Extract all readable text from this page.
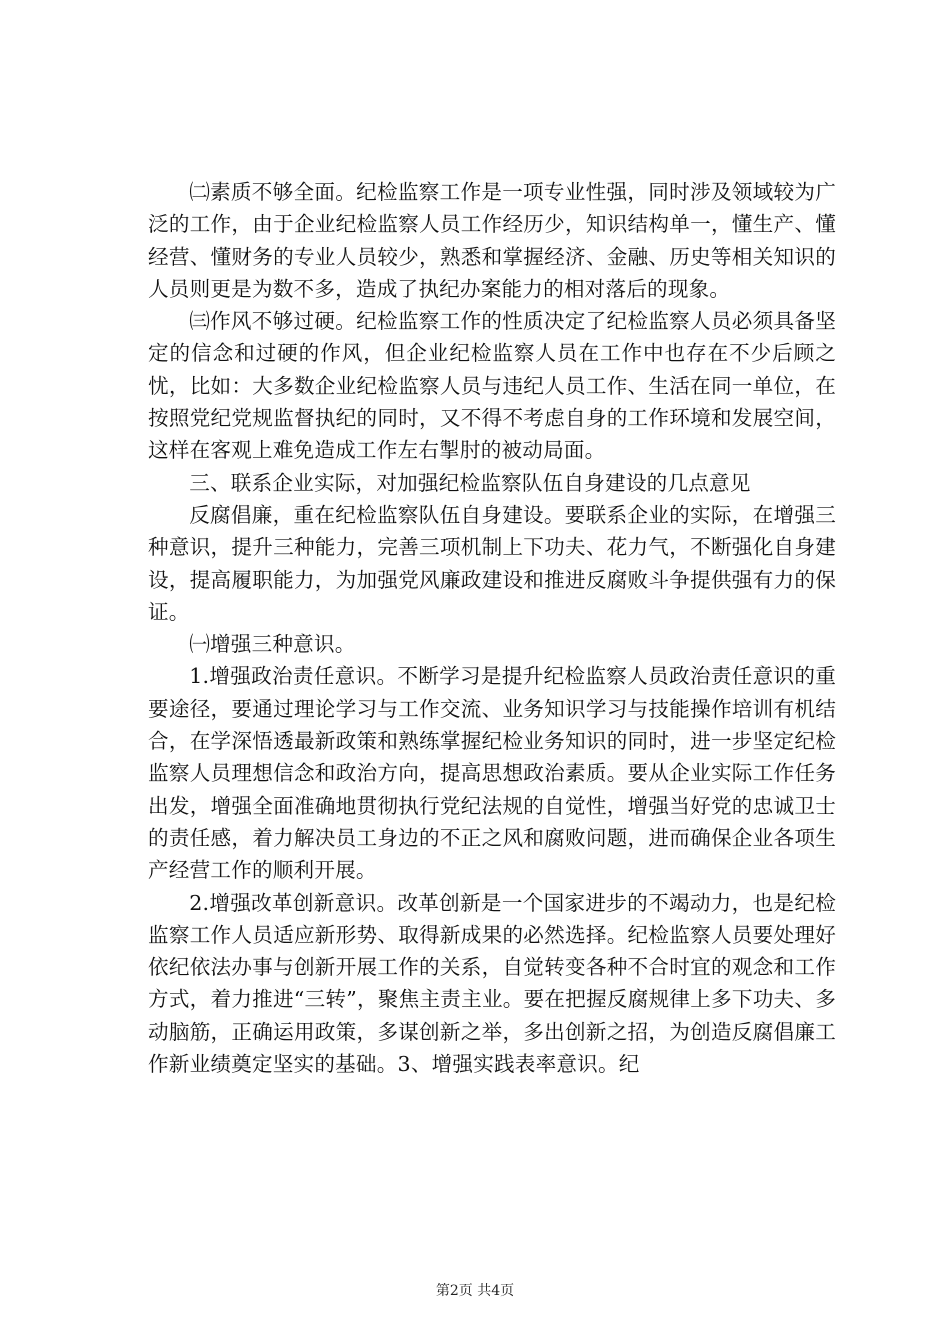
㈡素质不够全面。纪检监察工作是一项专业性强，同时涉及领域较为广泛的工作，由于企业纪检监察人员工作经历少，知识结构单一，懂生产、懂经营、懂财务的专业人员较少，熟悉和掌握经济、金融、历史等相关知识的人员则更是为数不多，造成了执纪办案能力的相对落后的现象。

㈢作风不够过硬。纪检监察工作的性质决定了纪检监察人员必须具备坚定的信念和过硬的作风，但企业纪检监察人员在工作中也存在不少后顾之忧，比如：大多数企业纪检监察人员与违纪人员工作、生活在同一单位，在按照党纪党规监督执纪的同时，又不得不考虑自身的工作环境和发展空间，这样在客观上难免造成工作左右掣肘的被动局面。

三、联系企业实际，对加强纪检监察队伍自身建设的几点意见

反腐倡廉，重在纪检监察队伍自身建设。要联系企业的实际，在增强三种意识，提升三种能力，完善三项机制上下功夫、花力气，不断强化自身建设，提高履职能力，为加强党风廉政建设和推进反腐败斗争提供强有力的保证。

㈠增强三种意识。

1.增强政治责任意识。不断学习是提升纪检监察人员政治责任意识的重要途径，要通过理论学习与工作交流、业务知识学习与技能操作培训有机结合，在学深悟透最新政策和熟练掌握纪检业务知识的同时，进一步坚定纪检监察人员理想信念和政治方向，提高思想政治素质。要从企业实际工作任务出发，增强全面准确地贯彻执行党纪法规的自觉性，增强当好党的忠诚卫士的责任感，着力解决员工身边的不正之风和腐败问题，进而确保企业各项生产经营工作的顺利开展。

2.增强改革创新意识。改革创新是一个国家进步的不竭动力，也是纪检监察工作人员适应新形势、取得新成果的必然选择。纪检监察人员要处理好依纪依法办事与创新开展工作的关系，自觉转变各种不合时宜的观念和工作方式，着力推进“三转”，聚焦主责主业。要在把握反腐规律上多下功夫、多动脑筋，正确运用政策，多谋创新之举，多出创新之招，为创造反腐倡廉工作新业绩奠定坚实的基础。3、增强实践表率意识。纪

第2页 共4页
